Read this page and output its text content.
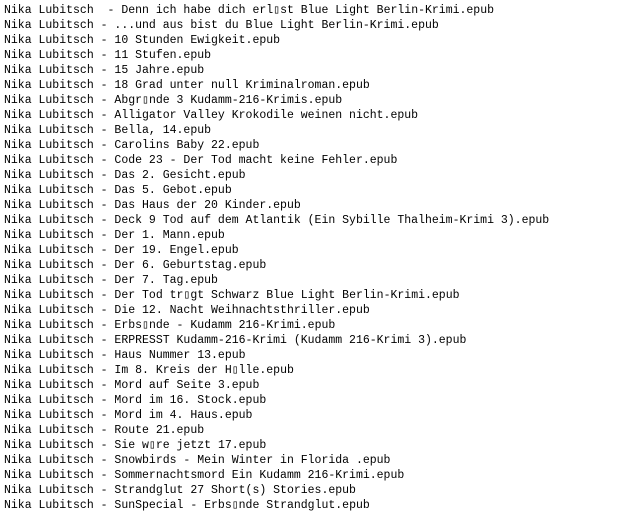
Nika Lubitsch  - Denn ich habe dich erl▯st Blue Light Berlin-Krimi.epub
Nika Lubitsch - ...und aus bist du Blue Light Berlin-Krimi.epub
Nika Lubitsch - 10 Stunden Ewigkeit.epub
Nika Lubitsch - 11 Stufen.epub
Nika Lubitsch - 15 Jahre.epub
Nika Lubitsch - 18 Grad unter null Kriminalroman.epub
Nika Lubitsch - Abgr▯nde 3 Kudamm-216-Krimis.epub
Nika Lubitsch - Alligator Valley Krokodile weinen nicht.epub
Nika Lubitsch - Bella, 14.epub
Nika Lubitsch - Carolins Baby 22.epub
Nika Lubitsch - Code 23 - Der Tod macht keine Fehler.epub
Nika Lubitsch - Das 2. Gesicht.epub
Nika Lubitsch - Das 5. Gebot.epub
Nika Lubitsch - Das Haus der 20 Kinder.epub
Nika Lubitsch - Deck 9 Tod auf dem Atlantik (Ein Sybille Thalheim-Krimi 3).epub
Nika Lubitsch - Der 1. Mann.epub
Nika Lubitsch - Der 19. Engel.epub
Nika Lubitsch - Der 6. Geburtstag.epub
Nika Lubitsch - Der 7. Tag.epub
Nika Lubitsch - Der Tod tr▯gt Schwarz Blue Light Berlin-Krimi.epub
Nika Lubitsch - Die 12. Nacht Weihnachtsthriller.epub
Nika Lubitsch - Erbs▯nde - Kudamm 216-Krimi.epub
Nika Lubitsch - ERPRESST Kudamm-216-Krimi (Kudamm 216-Krimi 3).epub
Nika Lubitsch - Haus Nummer 13.epub
Nika Lubitsch - Im 8. Kreis der H▯lle.epub
Nika Lubitsch - Mord auf Seite 3.epub
Nika Lubitsch - Mord im 16. Stock.epub
Nika Lubitsch - Mord im 4. Haus.epub
Nika Lubitsch - Route 21.epub
Nika Lubitsch - Sie w▯re jetzt 17.epub
Nika Lubitsch - Snowbirds - Mein Winter in Florida .epub
Nika Lubitsch - Sommernachtsmord Ein Kudamm 216-Krimi.epub
Nika Lubitsch - Strandglut 27 Short(s) Stories.epub
Nika Lubitsch - SunSpecial - Erbs▯nde Strandglut.epub
